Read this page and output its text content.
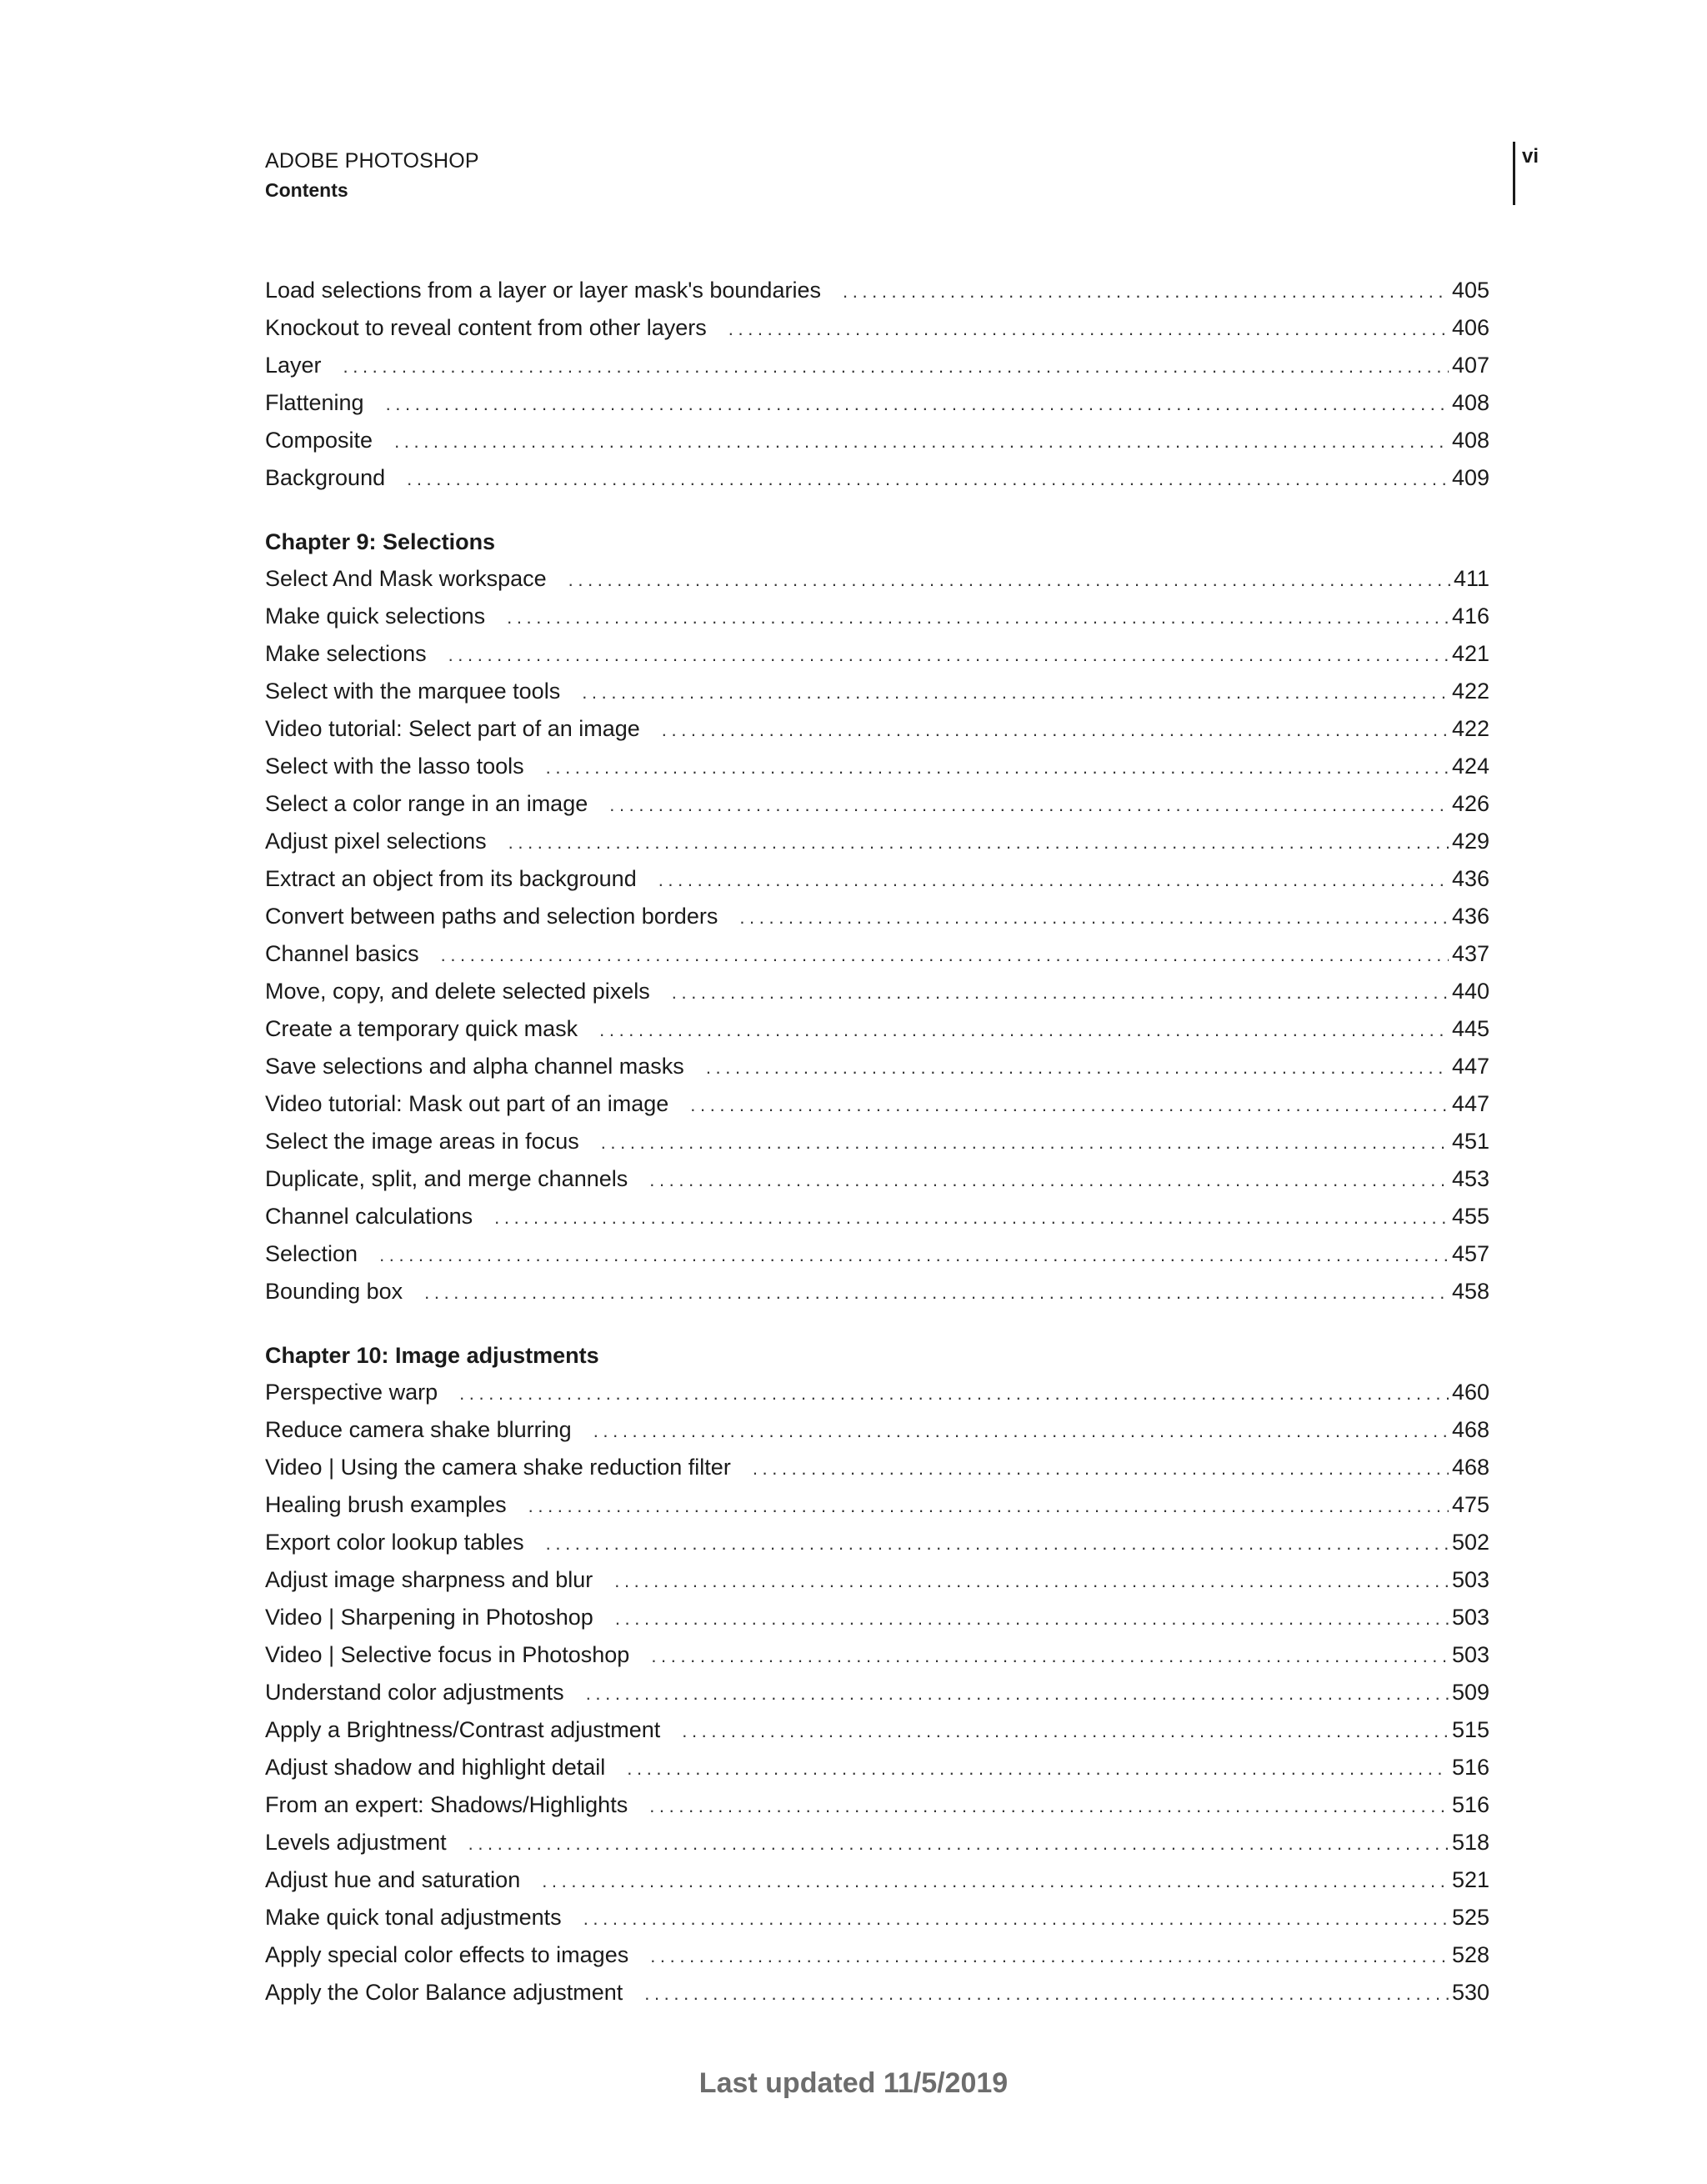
ADOBE PHOTOSHOP
Contents
vi
Load selections from a layer or layer mask's boundaries .....	405
Knockout to reveal content from other layers .....	406
Layer .....	407
Flattening .....	408
Composite .....	408
Background .....	409
Chapter 9: Selections
Select And Mask workspace .....	411
Make quick selections .....	416
Make selections .....	421
Select with the marquee tools .....	422
Video tutorial: Select part of an image .....	422
Select with the lasso tools .....	424
Select a color range in an image .....	426
Adjust pixel selections .....	429
Extract an object from its background .....	436
Convert between paths and selection borders .....	436
Channel basics .....	437
Move, copy, and delete selected pixels .....	440
Create a temporary quick mask .....	445
Save selections and alpha channel masks .....	447
Video tutorial: Mask out part of an image .....	447
Select the image areas in focus .....	451
Duplicate, split, and merge channels .....	453
Channel calculations .....	455
Selection .....	457
Bounding box .....	458
Chapter 10: Image adjustments
Perspective warp .....	460
Reduce camera shake blurring .....	468
Video | Using the camera shake reduction filter .....	468
Healing brush examples .....	475
Export color lookup tables .....	502
Adjust image sharpness and blur .....	503
Video | Sharpening in Photoshop .....	503
Video | Selective focus in Photoshop .....	503
Understand color adjustments .....	509
Apply a Brightness/Contrast adjustment .....	515
Adjust shadow and highlight detail .....	516
From an expert: Shadows/Highlights .....	516
Levels adjustment .....	518
Adjust hue and saturation .....	521
Make quick tonal adjustments .....	525
Apply special color effects to images .....	528
Apply the Color Balance adjustment .....	530
Last updated 11/5/2019
